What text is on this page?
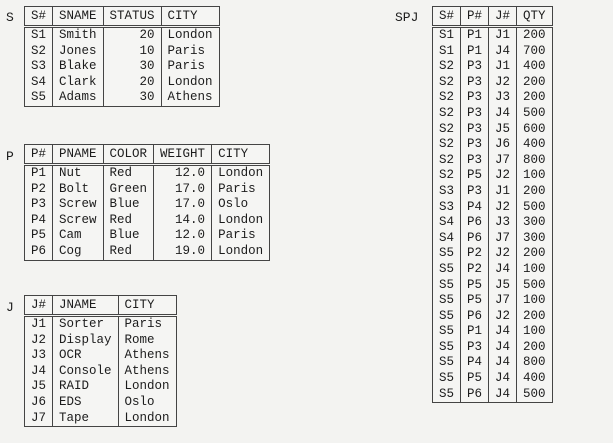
S S#	SNAME	STATUS	CITY
S1	Smith	20	London
S2	Jones	10	Paris
S3	Blake	30	Paris
S4	Clark	20	London
S5	Adams	30	Athens
P P#	PNAME	COLOR	WEIGHT	CITY
P1	Nut	Red	12.0	London
P2	Bolt	Green	17.0	Paris
P3	Screw	Blue	17.0	Oslo
P4	Screw	Red	14.0	London
P5	Cam	Blue	12.0	Paris
P6	Cog	Red	19.0	London
J J#	JNAME	CITY
J1	Sorter	Paris
J2	Display	Rome
J3	OCR	Athens
J4	Console	Athens
J5	RAID	London
J6	EDS	Oslo
J7	Tape	London
SPJ S#	P#	J#	QTY
S1	P1	J1	200
S1	P1	J4	700
S2	P3	J1	400
S2	P3	J2	200
S2	P3	J3	200
S2	P3	J4	500
S2	P3	J5	600
S2	P3	J6	400
S2	P3	J7	800
S2	P5	J2	100
S3	P3	J1	200
S3	P4	J2	500
S4	P6	J3	300
S4	P6	J7	300
S5	P2	J2	200
S5	P2	J4	100
S5	P5	J5	500
S5	P5	J7	100
S5	P6	J2	200
S5	P1	J4	100
S5	P3	J4	200
S5	P4	J4	800
S5	P5	J4	400
S5	P6	J4	500
